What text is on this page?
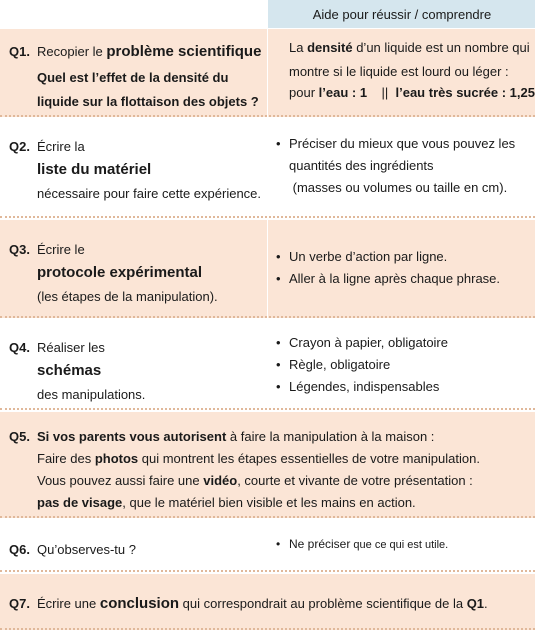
Aide pour réussir / comprendre
Q1. Recopier le problème scientifique
Quel est l’effet de la densité du
liquide sur la flottaison des objets ?
La densité d’un liquide est un nombre qui
montre si le liquide est lourd ou léger :
pour l’eau : 1    ||  l’eau très sucrée : 1,25
Q2. Écrire la
liste du matériel
nécessaire pour faire cette expérience.
• Préciser du mieux que vous pouvez les
quantités des ingrédients
(masses ou volumes ou taille en cm).
Q3. Écrire le
protocole expérimental
(les étapes de la manipulation).
• Un verbe d’action par ligne.
• Aller à la ligne après chaque phrase.
Q4. Réaliser les
schémas
des manipulations.
• Crayon à papier, obligatoire
• Règle, obligatoire
• Légendes, indispensables
Q5. Si vos parents vous autorisent à faire la manipulation à la maison :
Faire des photos qui montrent les étapes essentielles de votre manipulation.
Vous pouvez aussi faire une vidéo, courte et vivante de votre présentation :
pas de visage, que le matériel bien visible et les mains en action.
Q6. Qu’observes-tu ?	• Ne préciser que ce qui est utile.
Q7. Écrire une conclusion qui correspondrait au problème scientifique de la Q1.
